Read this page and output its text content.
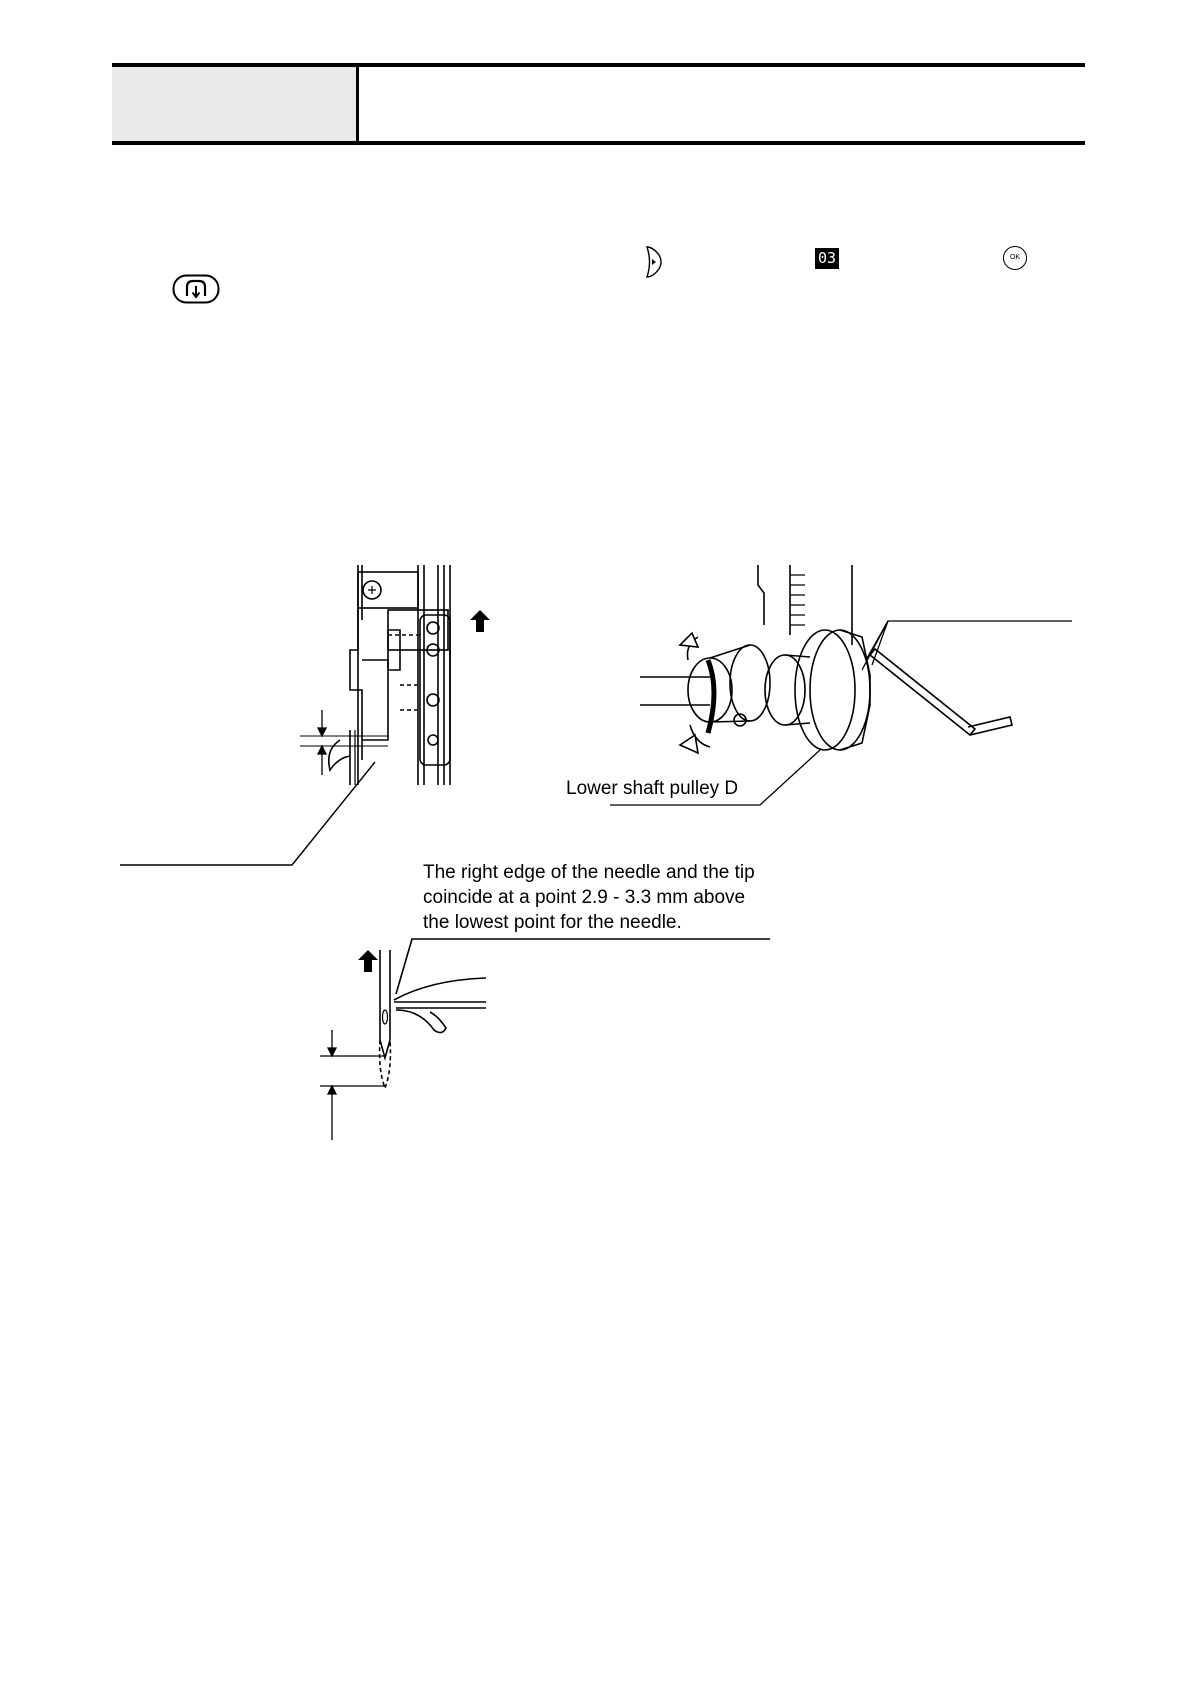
03	OK
Lower shaft pulley D
The right edge of the needle and the tip
coincide at a point 2.9 - 3.3 mm above
the lowest point for the needle.
